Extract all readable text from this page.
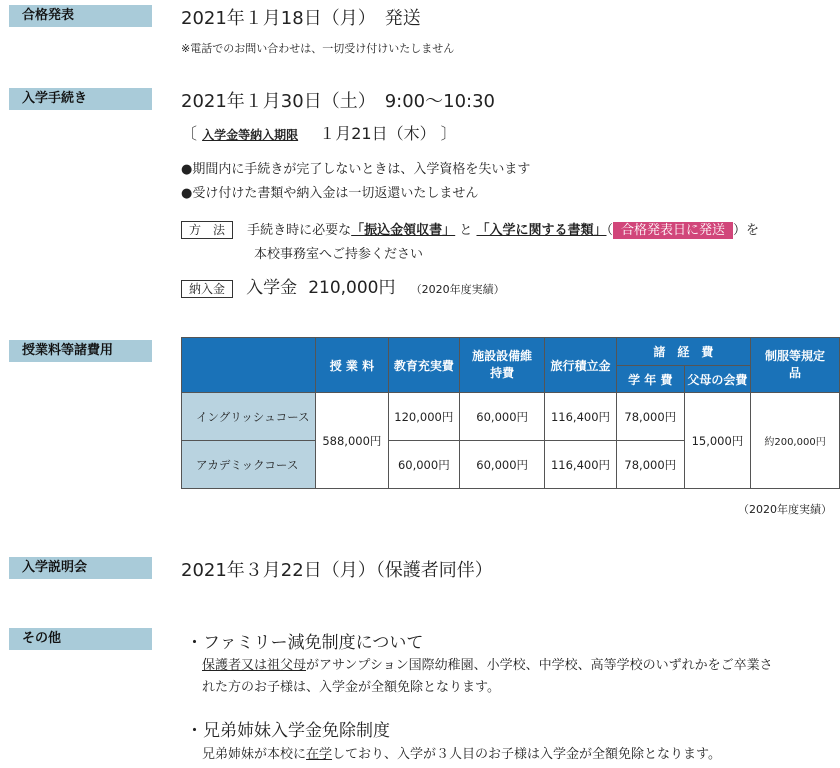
合格発表	2021年１月18日（月）　発送
※電話でのお問い合わせは、一切受け付けいたしません
入学手続き	2021年１月30日（土）　9:00〜10:30
〔 入学金等納入期限 １月21日（木） 〕
●期間内に手続きが完了しないときは、入学資格を失います
●受け付けた書類や納入金は一切返還いたしません
方　法 手続き時に必要な「振込金領収書」 と 「入学に関する書類」（ 合格発表日に発送 ）を
本校事務室へご持参ください
納入金 入学金 210,000円 （2020年度実績）
授業料等諸費用
	授 業 料	教育充実費	施設設備維持費	旅行積立金	諸　経　費		制服等規定品
					学 年 費	父母の会費	
イングリッシュコース	588,000円	120,000円	60,000円	116,400円	78,000円	15,000円	約200,000円
アカデミックコース		60,000円	60,000円	116,400円	78,000円		
（2020年度実績）
入学説明会	2021年３月22日（月）（保護者同伴）
その他	・ファミリー減免制度について
保護者又は祖父母がアサンプション国際幼稚園、小学校、中学校、高等学校のいずれかをご卒業さ
れた方のお子様は、入学金が全額免除となります。
・兄弟姉妹入学金免除制度
兄弟姉妹が本校に在学しており、入学が３人目のお子様は入学金が全額免除となります。
